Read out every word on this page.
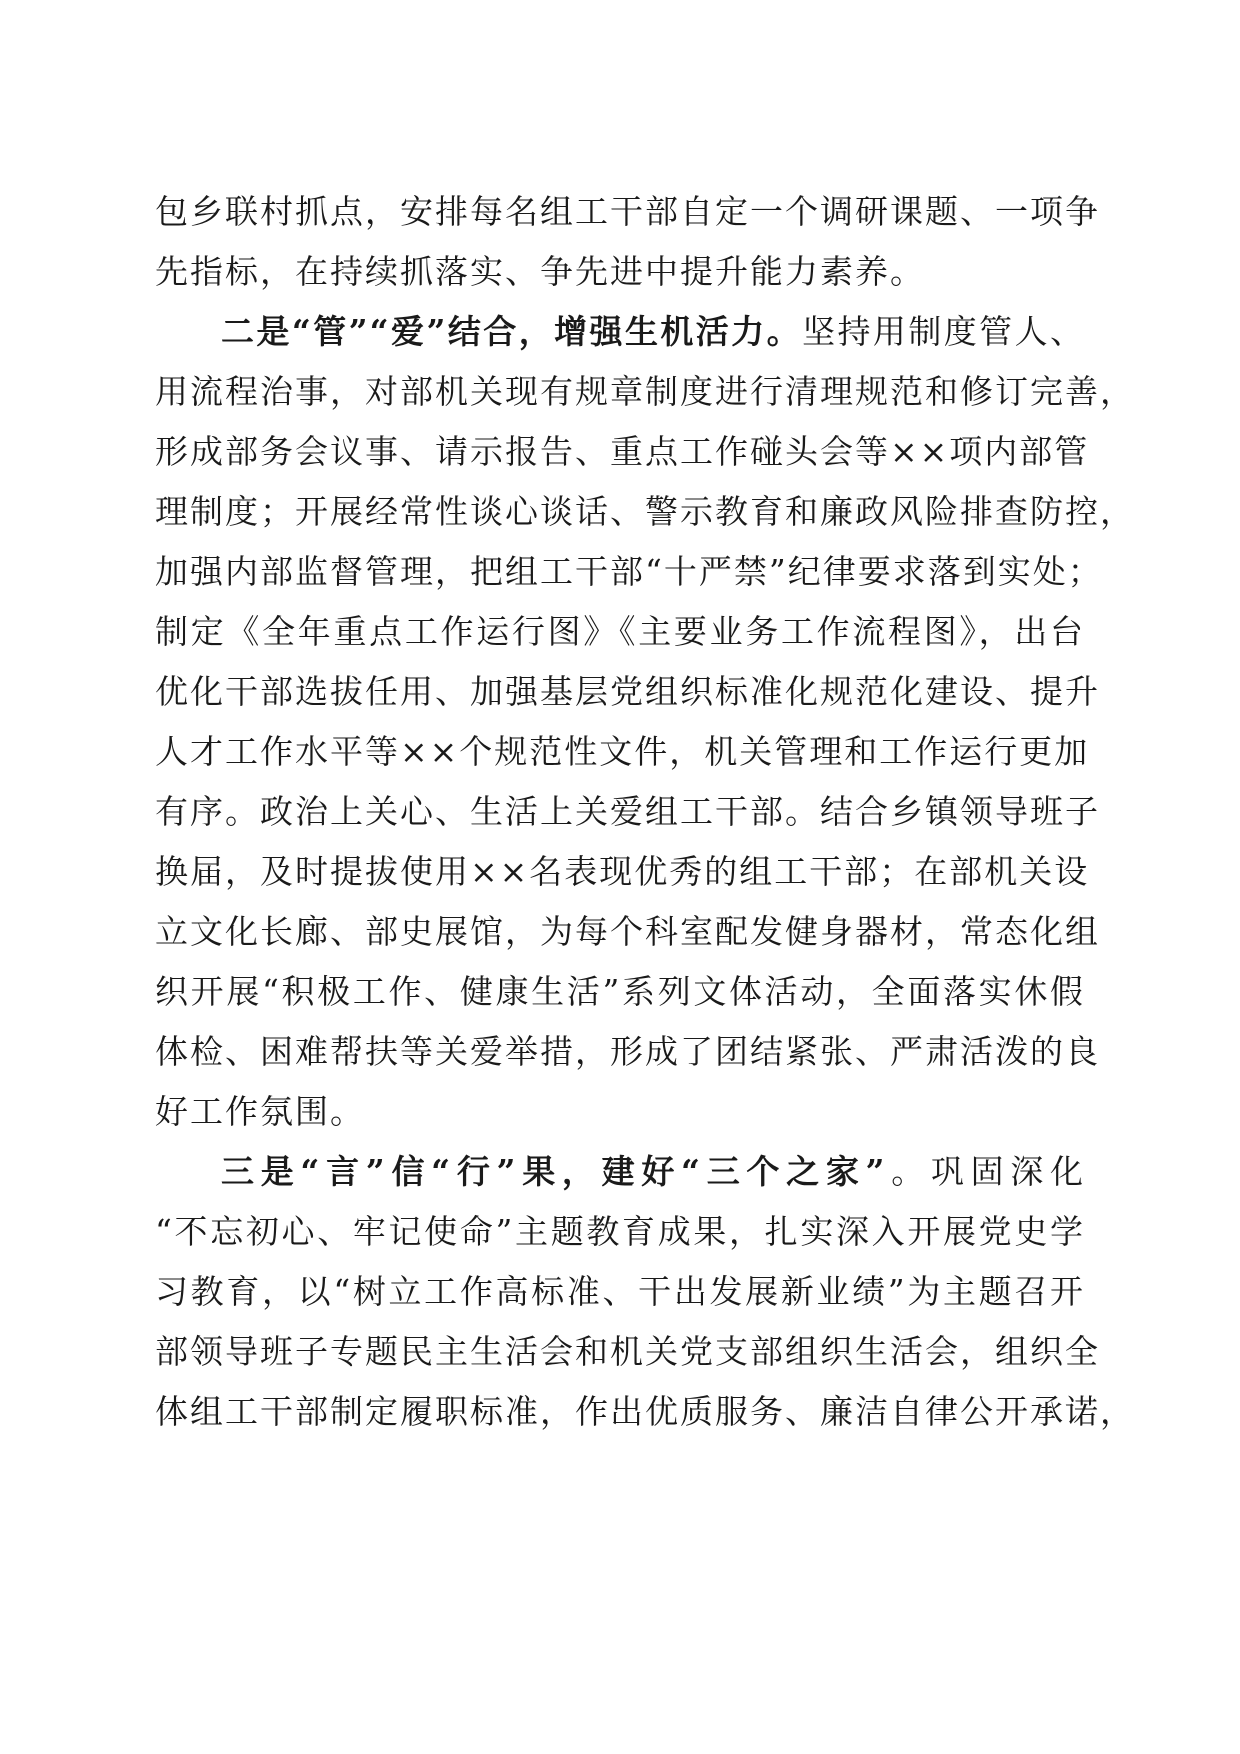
包乡联村抓点，安排每名组工干部自定一个调研课题、一项争
先指标，在持续抓落实、争先进中提升能力素养。
二是“管”“爱”结合，增强生机活力。坚持用制度管人、
用流程治事，对部机关现有规章制度进行清理规范和修订完善，
形成部务会议事、请示报告、重点工作碰头会等××项内部管
理制度；开展经常性谈心谈话、警示教育和廉政风险排查防控，
加强内部监督管理，把组工干部“十严禁”纪律要求落到实处；
制定《全年重点工作运行图》《主要业务工作流程图》，出台
优化干部选拔任用、加强基层党组织标准化规范化建设、提升
人才工作水平等××个规范性文件，机关管理和工作运行更加
有序。政治上关心、生活上关爱组工干部。结合乡镇领导班子
换届，及时提拔使用××名表现优秀的组工干部；在部机关设
立文化长廊、部史展馆，为每个科室配发健身器材，常态化组
织开展“积极工作、健康生活”系列文体活动，全面落实休假
体检、困难帮扶等关爱举措，形成了团结紧张、严肃活泼的良
好工作氛围。
三是“言”信“行”果，建好“三个之家”。巩固深化
“不忘初心、牢记使命”主题教育成果，扎实深入开展党史学
习教育，以“树立工作高标准、干出发展新业绩”为主题召开
部领导班子专题民主生活会和机关党支部组织生活会，组织全
体组工干部制定履职标准，作出优质服务、廉洁自律公开承诺，
